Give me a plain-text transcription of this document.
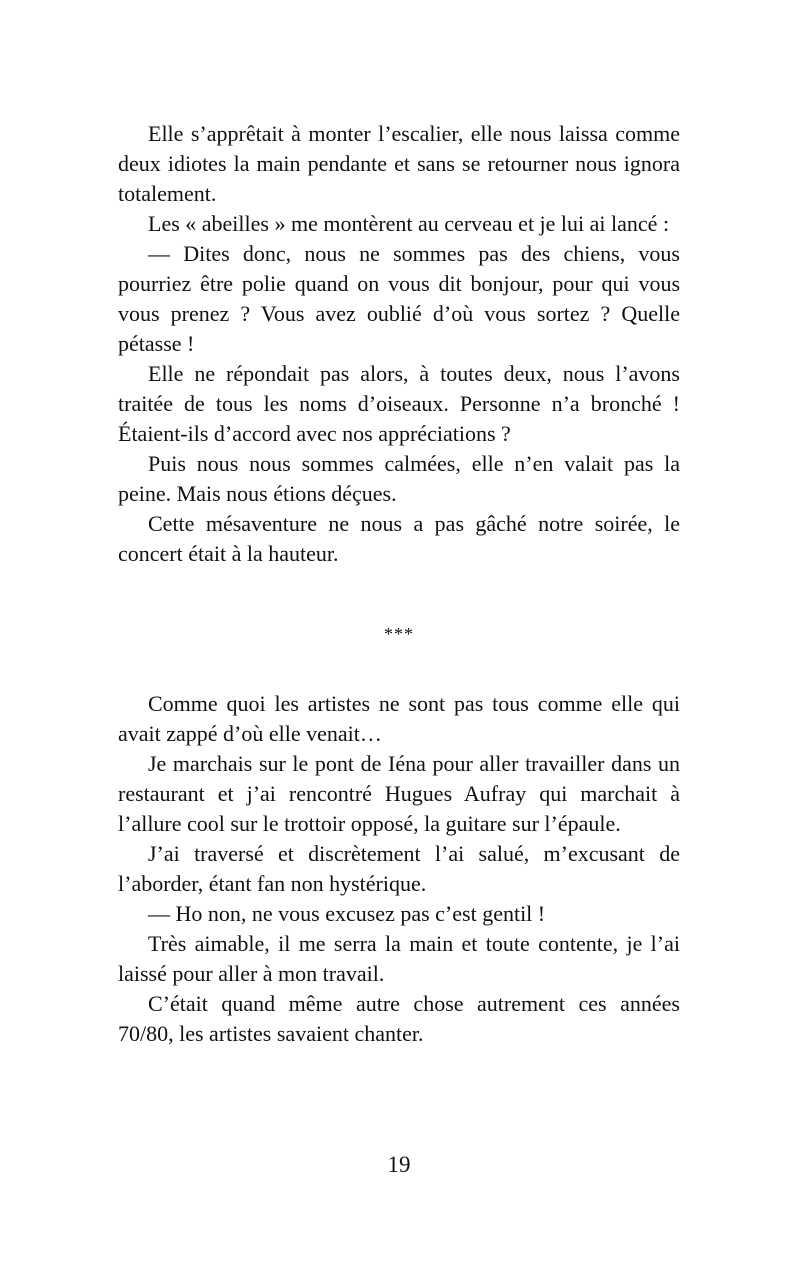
Elle s’apprêtait à monter l’escalier, elle nous laissa comme deux idiotes la main pendante et sans se retourner nous ignora totalement.

Les « abeilles » me montèrent au cerveau et je lui ai lancé :

— Dites donc, nous ne sommes pas des chiens, vous pourriez être polie quand on vous dit bonjour, pour qui vous vous prenez ? Vous avez oublié d’où vous sortez ? Quelle pétasse !

Elle ne répondait pas alors, à toutes deux, nous l’avons traitée de tous les noms d’oiseaux. Personne n’a bronché ! Étaient-ils d’accord avec nos appréciations ?

Puis nous nous sommes calmées, elle n’en valait pas la peine. Mais nous étions déçues.

Cette mésaventure ne nous a pas gâché notre soirée, le concert était à la hauteur.

***

Comme quoi les artistes ne sont pas tous comme elle qui avait zappé d’où elle venait…

Je marchais sur le pont de Iéna pour aller travailler dans un restaurant et j’ai rencontré Hugues Aufray qui marchait à l’allure cool sur le trottoir opposé, la guitare sur l’épaule.

J’ai traversé et discrètement l’ai salué, m’excusant de l’aborder, étant fan non hystérique.

— Ho non, ne vous excusez pas c’est gentil !

Très aimable, il me serra la main et toute contente, je l’ai laissé pour aller à mon travail.

C’était quand même autre chose autrement ces années 70/80, les artistes savaient chanter.

19
